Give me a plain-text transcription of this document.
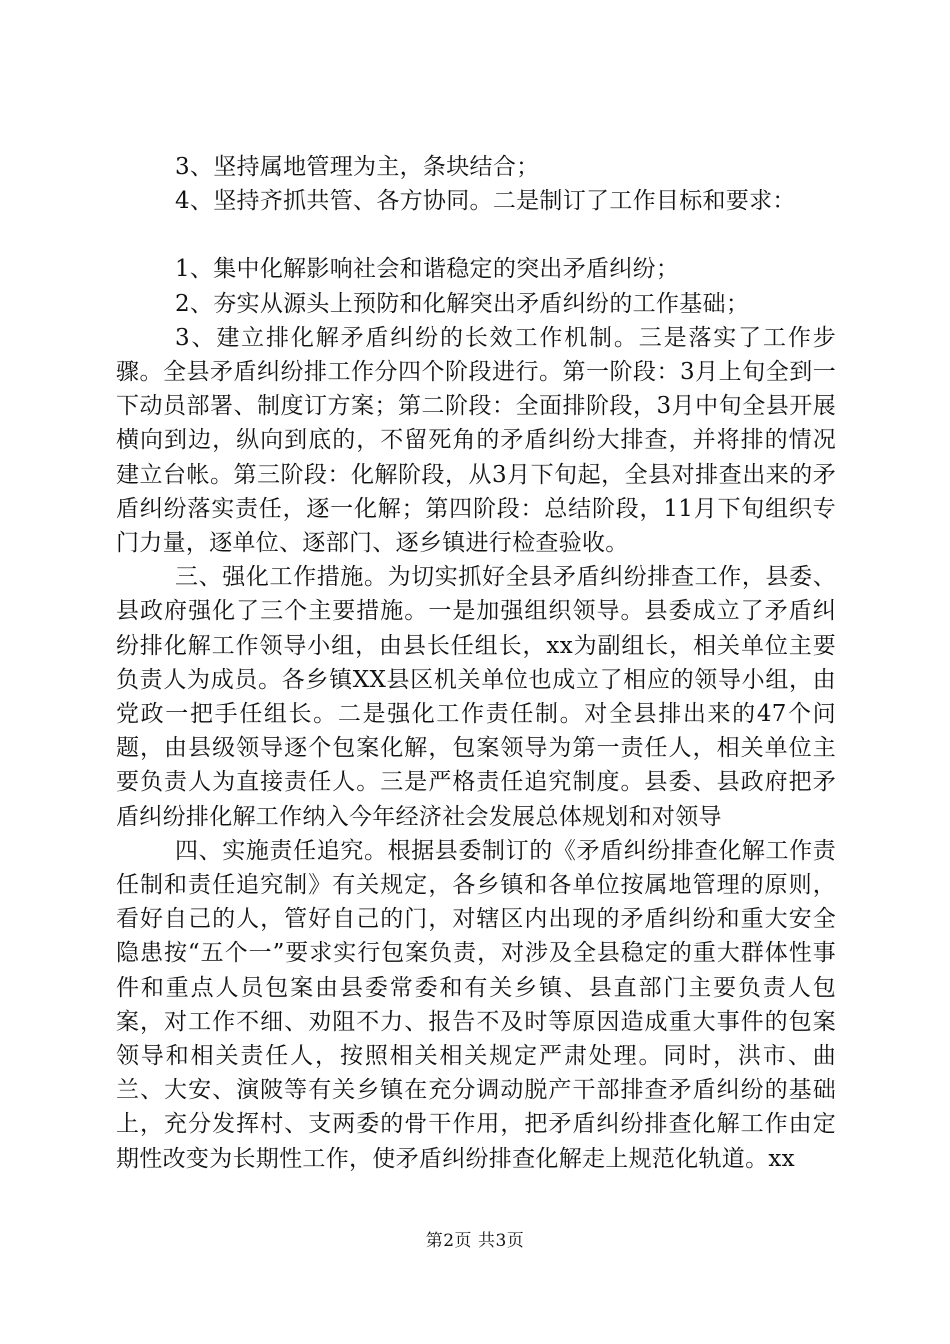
3、坚持属地管理为主，条块结合；

4、坚持齐抓共管、各方协同。二是制订了工作目标和要求：

1、集中化解影响社会和谐稳定的突出矛盾纠纷；

2、夯实从源头上预防和化解突出矛盾纠纷的工作基础；

3、建立排化解矛盾纠纷的长效工作机制。三是落实了工作步骤。全县矛盾纠纷排工作分四个阶段进行。第一阶段：3月上旬全到一下动员部署、制度订方案；第二阶段：全面排阶段，3月中旬全县开展横向到边，纵向到底的，不留死角的矛盾纠纷大排查，并将排的情况建立台帐。第三阶段：化解阶段，从3月下旬起，全县对排查出来的矛盾纠纷落实责任，逐一化解；第四阶段：总结阶段，11月下旬组织专门力量，逐单位、逐部门、逐乡镇进行检查验收。

三、强化工作措施。为切实抓好全县矛盾纠纷排查工作，县委、县政府强化了三个主要措施。一是加强组织领导。县委成立了矛盾纠纷排化解工作领导小组，由县长任组长，xx为副组长，相关单位主要负责人为成员。各乡镇XX县区机关单位也成立了相应的领导小组，由党政一把手任组长。二是强化工作责任制。对全县排出来的47个问题，由县级领导逐个包案化解，包案领导为第一责任人，相关单位主要负责人为直接责任人。三是严格责任追究制度。县委、县政府把矛盾纠纷排化解工作纳入今年经济社会发展总体规划和对领导

四、实施责任追究。根据县委制订的《矛盾纠纷排查化解工作责任制和责任追究制》有关规定，各乡镇和各单位按属地管理的原则，看好自己的人，管好自己的门，对辖区内出现的矛盾纠纷和重大安全隐患按“五个一”要求实行包案负责，对涉及全县稳定的重大群体性事件和重点人员包案由县委常委和有关乡镇、县直部门主要负责人包案，对工作不细、劝阻不力、报告不及时等原因造成重大事件的包案领导和相关责任人，按照相关相关规定严肃处理。同时，洪市、曲兰、大安、演陂等有关乡镇在充分调动脱产干部排查矛盾纠纷的基础上，充分发挥村、支两委的骨干作用，把矛盾纠纷排查化解工作由定期性改变为长期性工作，使矛盾纠纷排查化解走上规范化轨道。xx

第2页 共3页
